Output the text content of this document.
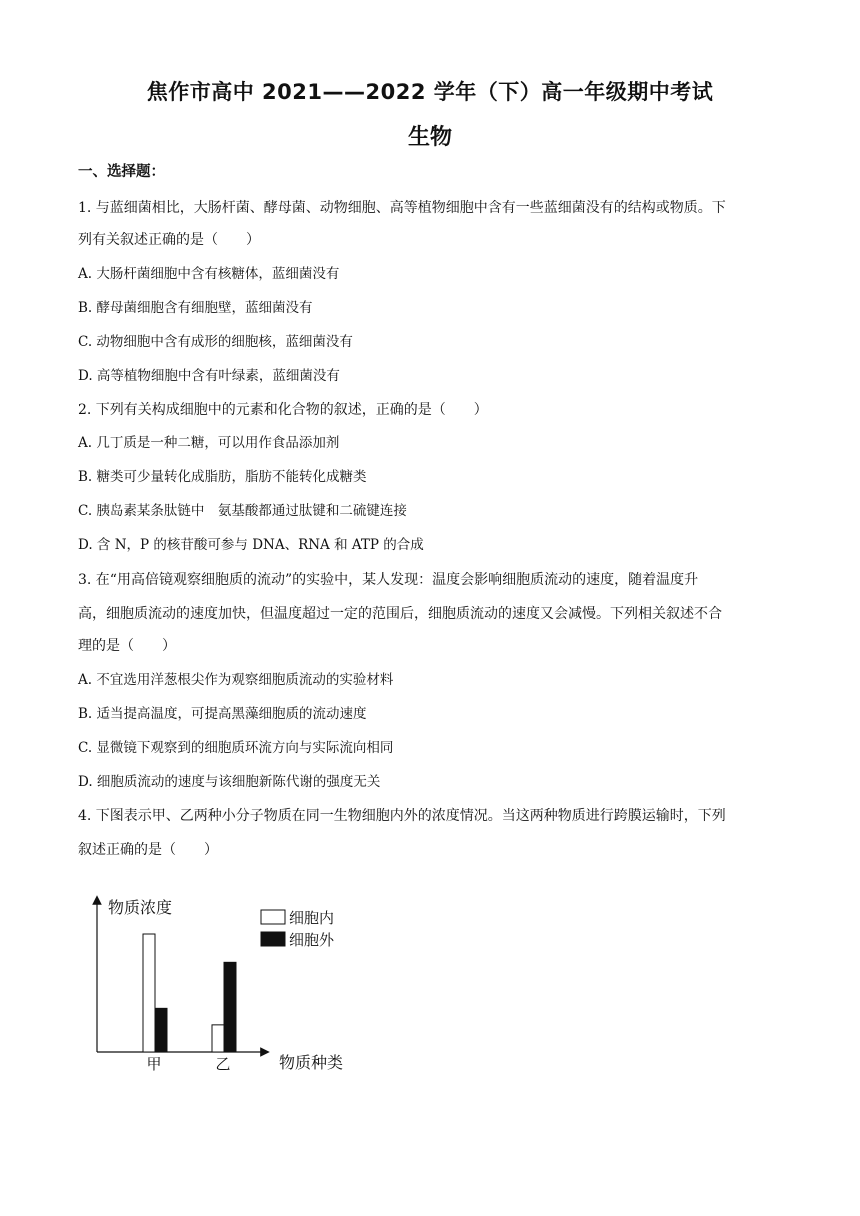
焦作市高中 2021——2022 学年（下）高一年级期中考试
生物
一、选择题：
1. 与蓝细菌相比，大肠杆菌、酵母菌、动物细胞、高等植物细胞中含有一些蓝细菌没有的结构或物质。下
列有关叙述正确的是（　　）
A. 大肠杆菌细胞中含有核糖体，蓝细菌没有
B. 酵母菌细胞含有细胞壁，蓝细菌没有
C. 动物细胞中含有成形的细胞核，蓝细菌没有
D. 高等植物细胞中含有叶绿素，蓝细菌没有
2. 下列有关构成细胞中的元素和化合物的叙述，正确的是（　　）
A. 几丁质是一种二糖，可以用作食品添加剂
B. 糖类可少量转化成脂肪，脂肪不能转化成糖类
C. 胰岛素某条肽链中　氨基酸都通过肽键和二硫键连接
D. 含 N，P 的核苷酸可参与 DNA、RNA 和 ATP 的合成
3. 在“用高倍镜观察细胞质的流动”的实验中，某人发现：温度会影响细胞质流动的速度，随着温度升
高，细胞质流动的速度加快，但温度超过一定的范围后，细胞质流动的速度又会减慢。下列相关叙述不合
理的是（　　）
A. 不宜选用洋葱根尖作为观察细胞质流动的实验材料
B. 适当提高温度，可提高黑藻细胞质的流动速度
C. 显微镜下观察到的细胞质环流方向与实际流向相同
D. 细胞质流动的速度与该细胞新陈代谢的强度无关
4. 下图表示甲、乙两种小分子物质在同一生物细胞内外的浓度情况。当这两种物质进行跨膜运输时，下列
叙述正确的是（　　）
物质浓度
物质种类
甲	乙
细胞内
细胞外
